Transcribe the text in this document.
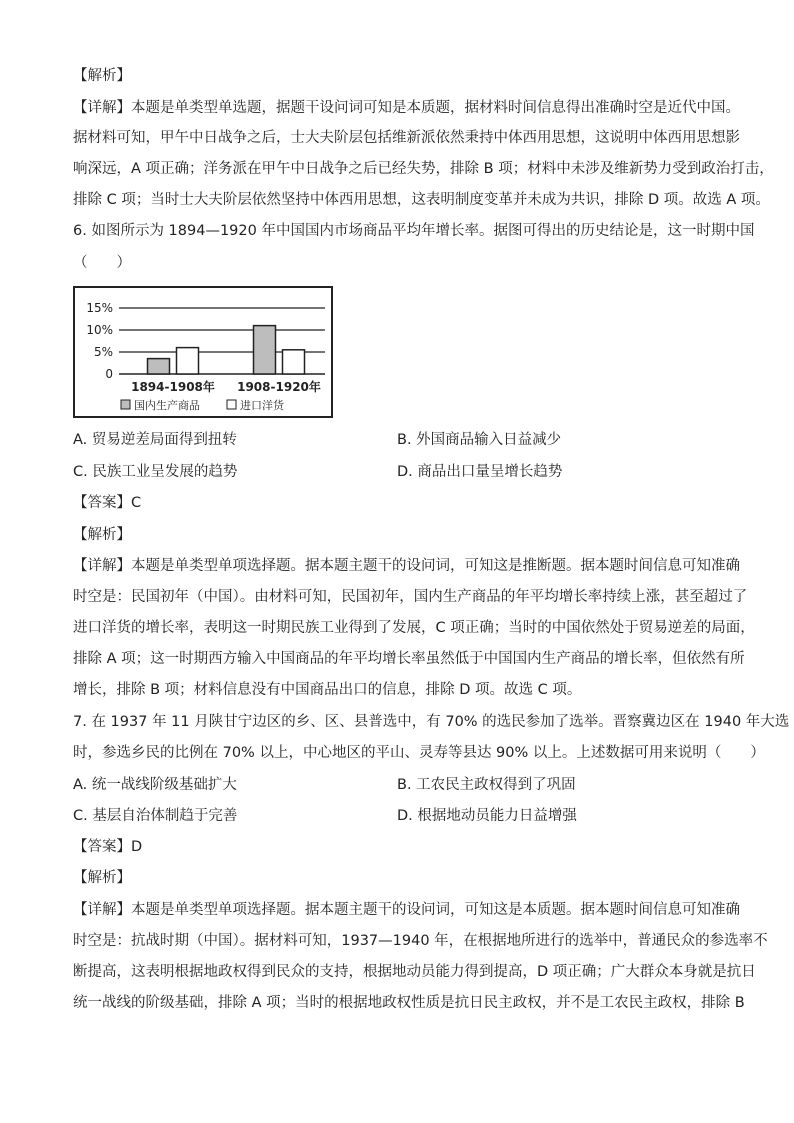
【解析】
【详解】本题是单类型单选题，据题干设问词可知是本质题，据材料时间信息得出准确时空是近代中国。
据材料可知，甲午中日战争之后，士大夫阶层包括维新派依然秉持中体西用思想，这说明中体西用思想影
响深远，A 项正确；洋务派在甲午中日战争之后已经失势，排除 B 项；材料中未涉及维新势力受到政治打击，
排除 C 项；当时士大夫阶层依然坚持中体西用思想，这表明制度变革并未成为共识，排除 D 项。故选 A 项。
6. 如图所示为 1894—1920 年中国国内市场商品平均年增长率。据图可得出的历史结论是，这一时期中国
（　　）
15%
10%
5%
0
1894-1908年 1908-1920年
国内生产商品	进口洋货
A. 贸易逆差局面得到扭转	B. 外国商品输入日益减少
C. 民族工业呈发展的趋势	D. 商品出口量呈增长趋势
【答案】C
【解析】
【详解】本题是单类型单项选择题。据本题主题干的设问词，可知这是推断题。据本题时间信息可知准确
时空是：民国初年（中国）。由材料可知，民国初年，国内生产商品的年平均增长率持续上涨，甚至超过了
进口洋货的增长率，表明这一时期民族工业得到了发展，C 项正确；当时的中国依然处于贸易逆差的局面，
排除 A 项；这一时期西方输入中国商品的年平均增长率虽然低于中国国内生产商品的增长率，但依然有所
增长，排除 B 项；材料信息没有中国商品出口的信息，排除 D 项。故选 C 项。
7. 在 1937 年 11 月陕甘宁边区的乡、区、县普选中，有 70% 的选民参加了选举。晋察冀边区在 1940 年大选
时，参选乡民的比例在 70% 以上，中心地区的平山、灵寿等县达 90% 以上。上述数据可用来说明（　　）
A. 统一战线阶级基础扩大	B. 工农民主政权得到了巩固
C. 基层自治体制趋于完善	D. 根据地动员能力日益增强
【答案】D
【解析】
【详解】本题是单类型单项选择题。据本题主题干的设问词，可知这是本质题。据本题时间信息可知准确
时空是：抗战时期（中国）。据材料可知，1937—1940 年，在根据地所进行的选举中，普通民众的参选率不
断提高，这表明根据地政权得到民众的支持，根据地动员能力得到提高，D 项正确；广大群众本身就是抗日
统一战线的阶级基础，排除 A 项；当时的根据地政权性质是抗日民主政权，并不是工农民主政权，排除 B
